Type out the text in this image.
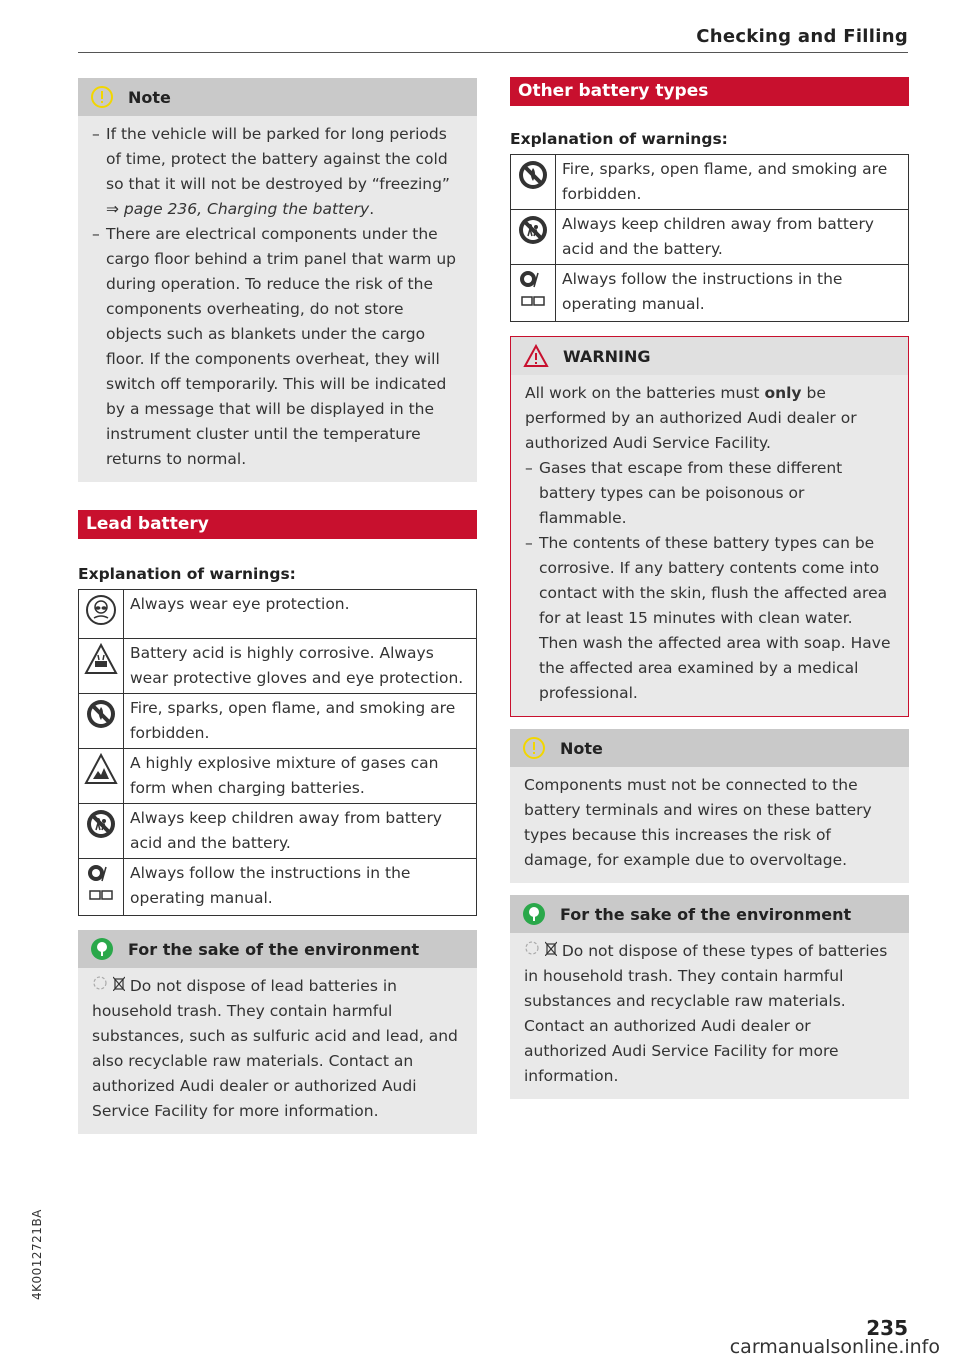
Checking and Filling
Note
– If the vehicle will be parked for long periods of time, protect the battery against the cold so that it will not be destroyed by “freezing” ⇒ page 236, Charging the battery.
– There are electrical components under the cargo floor behind a trim panel that warm up during operation. To reduce the risk of the components overheating, do not store objects such as blankets under the cargo floor. If the components overheat, they will switch off temporarily. This will be indicated by a message that will be displayed in the instrument cluster until the temperature returns to normal.
Lead battery
Explanation of warnings:
	Always wear eye protection.
	Battery acid is highly corrosive. Always wear protective gloves and eye protection.
	Fire, sparks, open flame, and smoking are forbidden.
	A highly explosive mixture of gases can form when charging batteries.
	Always keep children away from battery acid and the battery.
	Always follow the instructions in the operating manual.
For the sake of the environment
Do not dispose of lead batteries in household trash. They contain harmful substances, such as sulfuric acid and lead, and also recyclable raw materials. Contact an authorized Audi dealer or authorized Audi Service Facility for more information.
Other battery types
Explanation of warnings:
	Fire, sparks, open flame, and smoking are forbidden.
	Always keep children away from battery acid and the battery.
	Always follow the instructions in the operating manual.
WARNING
All work on the batteries must only be performed by an authorized Audi dealer or authorized Audi Service Facility.
– Gases that escape from these different battery types can be poisonous or flammable.
– The contents of these battery types can be corrosive. If any battery contents come into contact with the skin, flush the affected area for at least 15 minutes with clean water. Then wash the affected area with soap. Have the affected area examined by a medical professional.
Note
Components must not be connected to the battery terminals and wires on these battery types because this increases the risk of damage, for example due to overvoltage.
For the sake of the environment
Do not dispose of these types of batteries in household trash. They contain harmful substances and recyclable raw materials. Contact an authorized Audi dealer or authorized Audi Service Facility for more information.
4K0012721BA
235
carmanualsonline.info
